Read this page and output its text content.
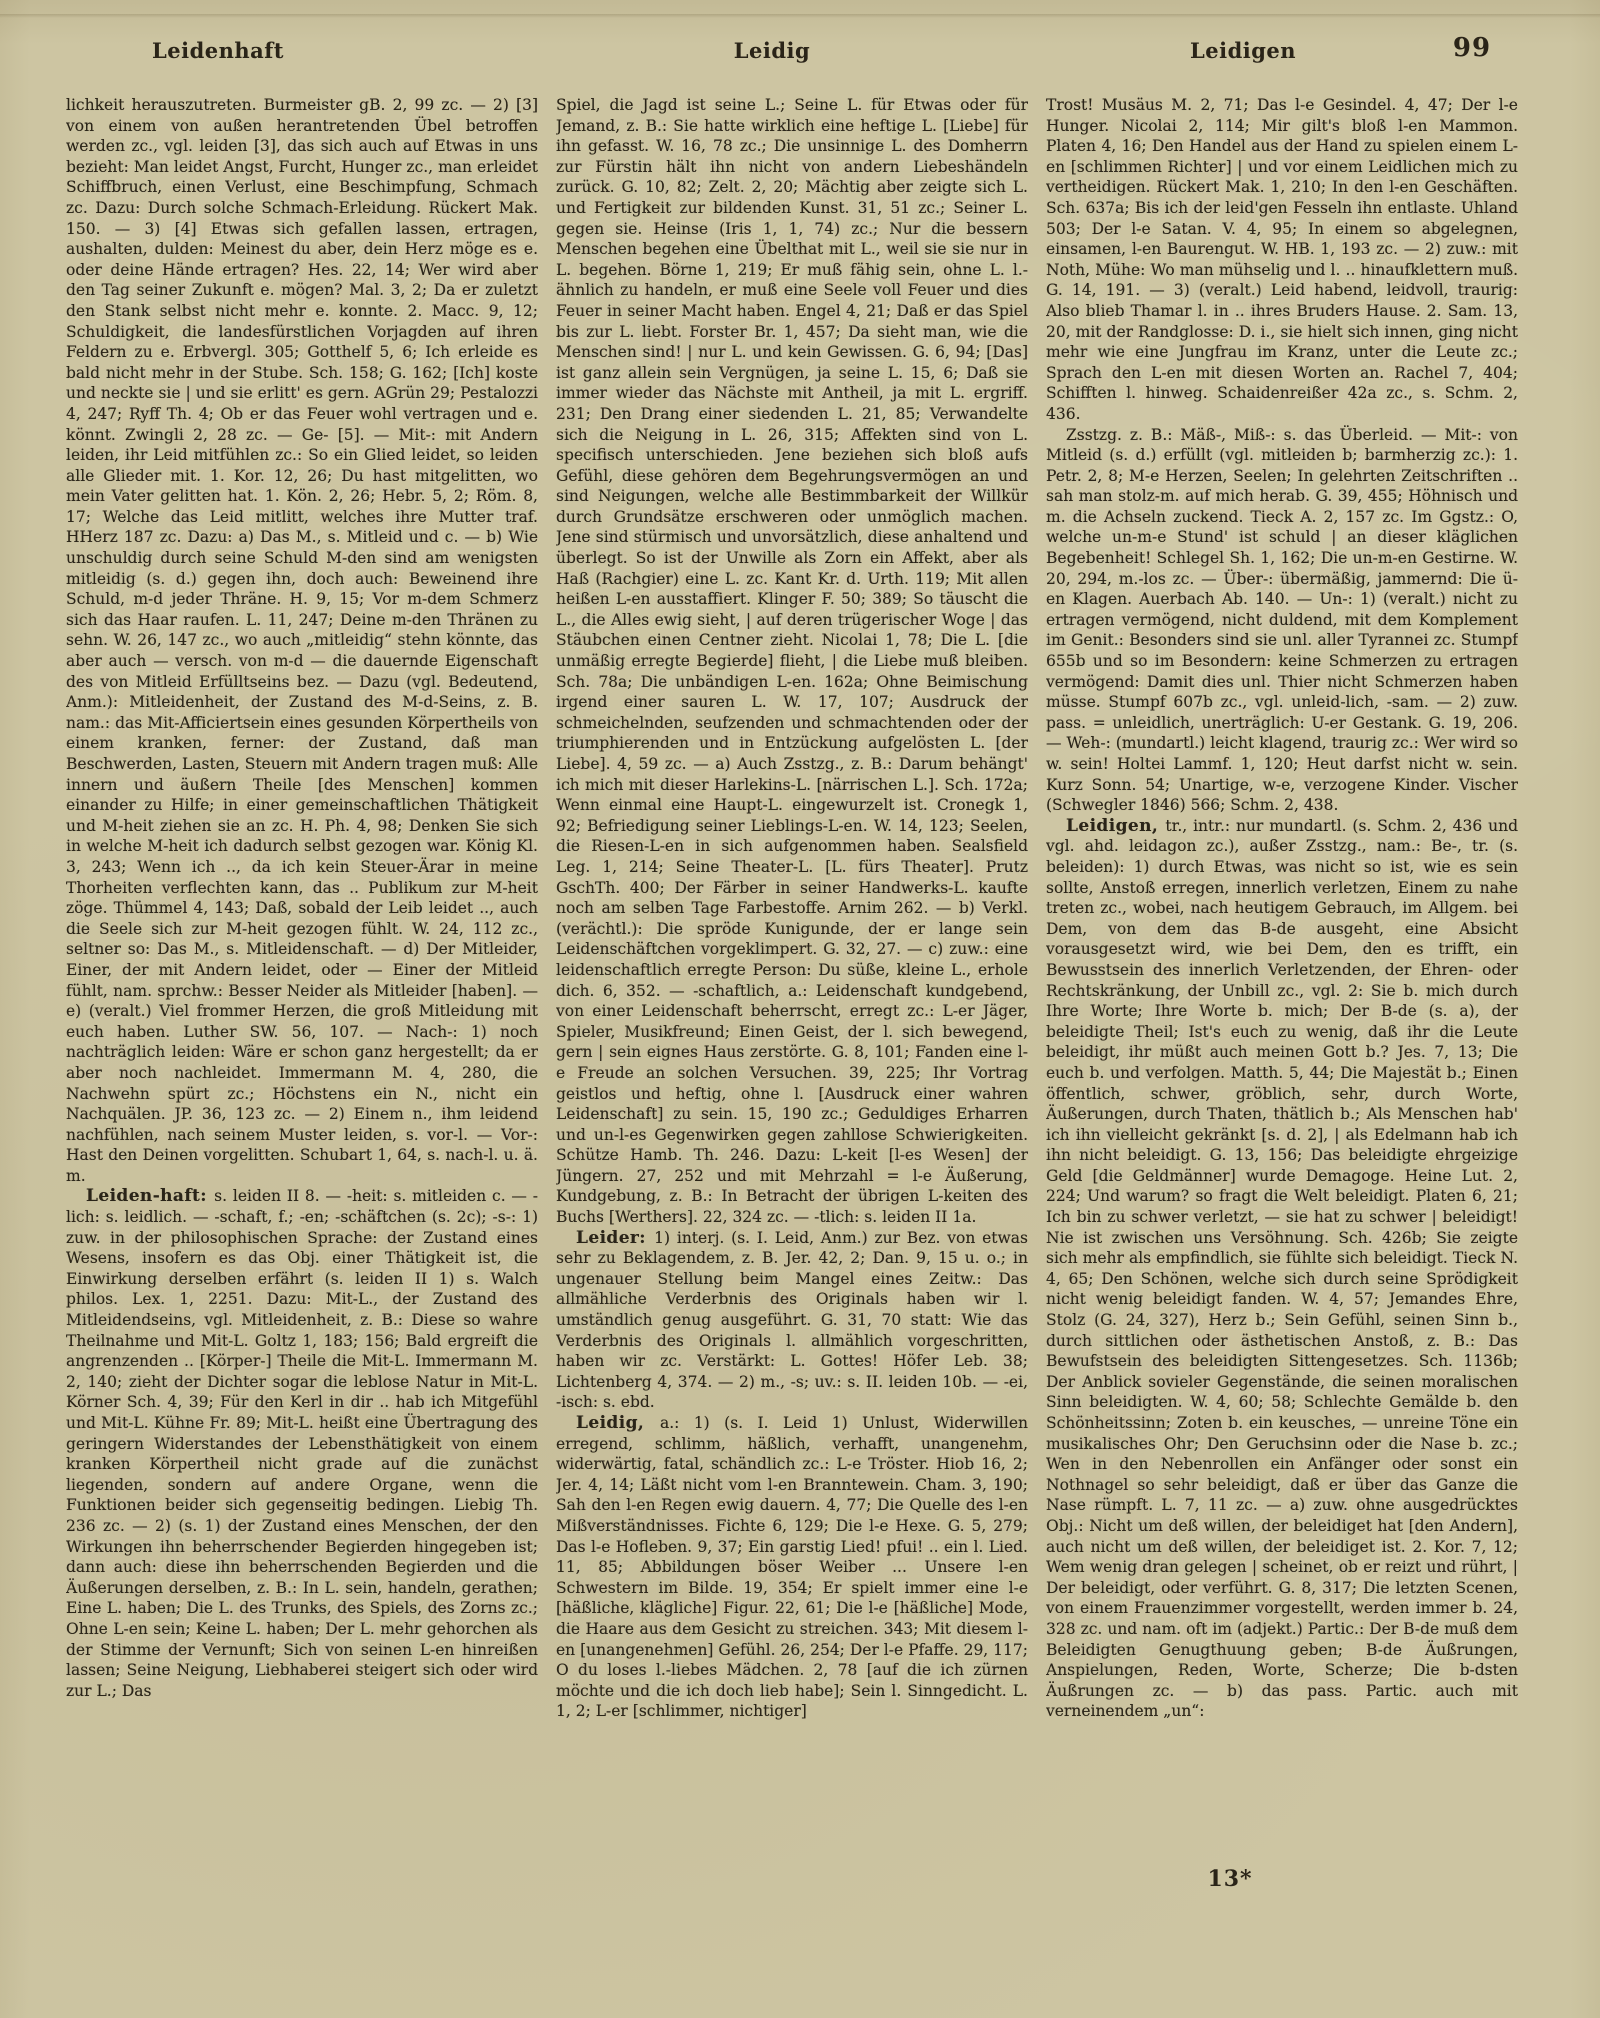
Leidenhaft	Leidig	Leidigen	99

lichkeit herauszutreten. Burmeister gB. 2, 99 zc. — 2) [3] von einem von außen herantretenden Übel betroffen werden zc., vgl. leiden [3], das sich auch auf Etwas in uns bezieht: Man leidet Angst, Furcht, Hunger zc., man erleidet Schiffbruch, einen Verlust, eine Beschimpfung, Schmach zc. Dazu: Durch solche Schmach-Erleidung. Rückert Mak. 150. — 3) [4] Etwas sich gefallen lassen, ertragen, aushalten, dulden: Meinest du aber, dein Herz möge es e. oder deine Hände ertragen? Hes. 22, 14; Wer wird aber den Tag seiner Zukunft e. mögen? Mal. 3, 2; Da er zuletzt den Stank selbst nicht mehr e. konnte. 2. Macc. 9, 12; Schuldigkeit, die landesfürstlichen Vorjagden auf ihren Feldern zu e. Erbvergl. 305; Gotthelf 5, 6; Ich erleide es bald nicht mehr in der Stube. Sch. 158; G. 162; [Ich] koste und neckte sie | und sie erlitt' es gern. AGrün 29; Pestalozzi 4, 247; Ryff Th. 4; Ob er das Feuer wohl vertragen und e. könnt. Zwingli 2, 28 zc. — Ge- [5]. — Mit-: mit Andern leiden, ihr Leid mitfühlen zc.: So ein Glied leidet, so leiden alle Glieder mit. 1. Kor. 12, 26; Du hast mitgelitten, wo mein Vater gelitten hat. 1. Kön. 2, 26; Hebr. 5, 2; Röm. 8, 17; Welche das Leid mitlitt, welches ihre Mutter traf. HHerz 187 zc. Dazu: a) Das M., s. Mitleid und c. — b) Wie unschuldig durch seine Schuld M-den sind am wenigsten mitleidig (s. d.) gegen ihn, doch auch: Beweinend ihre Schuld, m-d jeder Thräne. H. 9, 15; Vor m-dem Schmerz sich das Haar raufen. L. 11, 247; Deine m-den Thränen zu sehn. W. 26, 147 zc., wo auch „mitleidig“ stehn könnte, das aber auch — versch. von m-d — die dauernde Eigenschaft des von Mitleid Erfülltseins bez. — Dazu (vgl. Bedeutend, Anm.): Mitleidenheit, der Zustand des M-d-Seins, z. B. nam.: das Mit-Afficiertsein eines gesunden Körpertheils von einem kranken, ferner: der Zustand, daß man Beschwerden, Lasten, Steuern mit Andern tragen muß: Alle innern und äußern Theile [des Menschen] kommen einander zu Hilfe; in einer gemeinschaftlichen Thätigkeit und M-heit ziehen sie an zc. H. Ph. 4, 98; Denken Sie sich in welche M-heit ich dadurch selbst gezogen war. König Kl. 3, 243; Wenn ich .., da ich kein Steuer-Ärar in meine Thorheiten verflechten kann, das .. Publikum zur M-heit zöge. Thümmel 4, 143; Daß, sobald der Leib leidet .., auch die Seele sich zur M-heit gezogen fühlt. W. 24, 112 zc., seltner so: Das M., s. Mitleidenschaft. — d) Der Mitleider, Einer, der mit Andern leidet, oder — Einer der Mitleid fühlt, nam. sprchw.: Besser Neider als Mitleider [haben]. — e) (veralt.) Viel frommer Herzen, die groß Mitleidung mit euch haben. Luther SW. 56, 107. — Nach-: 1) noch nachträglich leiden: Wäre er schon ganz hergestellt; da er aber noch nachleidet. Immermann M. 4, 280, die Nachwehn spürt zc.; Höchstens ein N., nicht ein Nachquälen. JP. 36, 123 zc. — 2) Einem n., ihm leidend nachfühlen, nach seinem Muster leiden, s. vor-l. — Vor-: Hast den Deinen vorgelitten. Schubart 1, 64, s. nach-l. u. ä. m.

Leiden-haft: s. leiden II 8. — -heit: s. mitleiden c. — -lich: s. leidlich. — -schaft, f.; -en; -schäftchen (s. 2c); -s-: 1) zuw. in der philosophischen Sprache: der Zustand eines Wesens, insofern es das Obj. einer Thätigkeit ist, die Einwirkung derselben erfährt (s. leiden II 1) s. Walch philos. Lex. 1, 2251. Dazu: Mit-L., der Zustand des Mitleidendseins, vgl. Mitleidenheit, z. B.: Diese so wahre Theilnahme und Mit-L. Goltz 1, 183; 156; Bald ergreift die angrenzenden .. [Körper-] Theile die Mit-L. Immermann M. 2, 140; zieht der Dichter sogar die leblose Natur in Mit-L. Körner Sch. 4, 39; Für den Kerl in dir .. hab ich Mitgefühl und Mit-L. Kühne Fr. 89; Mit-L. heißt eine Übertragung des geringern Widerstandes der Lebensthätigkeit von einem kranken Körpertheil nicht grade auf die zunächst liegenden, sondern auf andere Organe, wenn die Funktionen beider sich gegenseitig bedingen. Liebig Th. 236 zc. — 2) (s. 1) der Zustand eines Menschen, der den Wirkungen ihn beherrschender Begierden hingegeben ist; dann auch: diese ihn beherrschenden Begierden und die Äußerungen derselben, z. B.: In L. sein, handeln, gerathen; Eine L. haben; Die L. des Trunks, des Spiels, des Zorns zc.; Ohne L-en sein; Keine L. haben; Der L. mehr gehorchen als der Stimme der Vernunft; Sich von seinen L-en hinreißen lassen; Seine Neigung, Liebhaberei steigert sich oder wird zur L.; Das

Spiel, die Jagd ist seine L.; Seine L. für Etwas oder für Jemand, z. B.: Sie hatte wirklich eine heftige L. [Liebe] für ihn gefasst. W. 16, 78 zc.; Die unsinnige L. des Domherrn zur Fürstin hält ihn nicht von andern Liebeshändeln zurück. G. 10, 82; Zelt. 2, 20; Mächtig aber zeigte sich L. und Fertigkeit zur bildenden Kunst. 31, 51 zc.; Seiner L. gegen sie. Heinse (Iris 1, 1, 74) zc.; Nur die bessern Menschen begehen eine Übelthat mit L., weil sie sie nur in L. begehen. Börne 1, 219; Er muß fähig sein, ohne L. l.-ähnlich zu handeln, er muß eine Seele voll Feuer und dies Feuer in seiner Macht haben. Engel 4, 21; Daß er das Spiel bis zur L. liebt. Forster Br. 1, 457; Da sieht man, wie die Menschen sind! | nur L. und kein Gewissen. G. 6, 94; [Das] ist ganz allein sein Vergnügen, ja seine L. 15, 6; Daß sie immer wieder das Nächste mit Antheil, ja mit L. ergriff. 231; Den Drang einer siedenden L. 21, 85; Verwandelte sich die Neigung in L. 26, 315; Affekten sind von L. specifisch unterschieden. Jene beziehen sich bloß aufs Gefühl, diese gehören dem Begehrungsvermögen an und sind Neigungen, welche alle Bestimmbarkeit der Willkür durch Grundsätze erschweren oder unmöglich machen. Jene sind stürmisch und unvorsätzlich, diese anhaltend und überlegt. So ist der Unwille als Zorn ein Affekt, aber als Haß (Rachgier) eine L. zc. Kant Kr. d. Urth. 119; Mit allen heißen L-en ausstaffiert. Klinger F. 50; 389; So täuscht die L., die Alles ewig sieht, | auf deren trügerischer Woge | das Stäubchen einen Centner zieht. Nicolai 1, 78; Die L. [die unmäßig erregte Begierde] flieht, | die Liebe muß bleiben. Sch. 78a; Die unbändigen L-en. 162a; Ohne Beimischung irgend einer sauren L. W. 17, 107; Ausdruck der schmeichelnden, seufzenden und schmachtenden oder der triumphierenden und in Entzückung aufgelösten L. [der Liebe]. 4, 59 zc. — a) Auch Zsstzg., z. B.: Darum behängt' ich mich mit dieser Harlekins-L. [närrischen L.]. Sch. 172a; Wenn einmal eine Haupt-L. eingewurzelt ist. Cronegk 1, 92; Befriedigung seiner Lieblings-L-en. W. 14, 123; Seelen, die Riesen-L-en in sich aufgenommen haben. Sealsfield Leg. 1, 214; Seine Theater-L. [L. fürs Theater]. Prutz GschTh. 400; Der Färber in seiner Handwerks-L. kaufte noch am selben Tage Farbestoffe. Arnim 262. — b) Verkl. (verächtl.): Die spröde Kunigunde, der er lange sein Leidenschäftchen vorgeklimpert. G. 32, 27. — c) zuw.: eine leidenschaftlich erregte Person: Du süße, kleine L., erhole dich. 6, 352. — -schaftlich, a.: Leidenschaft kundgebend, von einer Leidenschaft beherrscht, erregt zc.: L-er Jäger, Spieler, Musikfreund; Einen Geist, der l. sich bewegend, gern | sein eignes Haus zerstörte. G. 8, 101; Fanden eine l-e Freude an solchen Versuchen. 39, 225; Ihr Vortrag geistlos und heftig, ohne l. [Ausdruck einer wahren Leidenschaft] zu sein. 15, 190 zc.; Geduldiges Erharren und un-l-es Gegenwirken gegen zahllose Schwierigkeiten. Schütze Hamb. Th. 246. Dazu: L-keit [l-es Wesen] der Jüngern. 27, 252 und mit Mehrzahl = l-e Äußerung, Kundgebung, z. B.: In Betracht der übrigen L-keiten des Buchs [Werthers]. 22, 324 zc. — -tlich: s. leiden II 1a.

Leider: 1) interj. (s. I. Leid, Anm.) zur Bez. von etwas sehr zu Beklagendem, z. B. Jer. 42, 2; Dan. 9, 15 u. o.; in ungenauer Stellung beim Mangel eines Zeitw.: Das allmähliche Verderbnis des Originals haben wir l. umständlich genug ausgeführt. G. 31, 70 statt: Wie das Verderbnis des Originals l. allmählich vorgeschritten, haben wir zc. Verstärkt: L. Gottes! Höfer Leb. 38; Lichtenberg 4, 374. — 2) m., -s; uv.: s. II. leiden 10b. — -ei, -isch: s. ebd.

Leidig, a.: 1) (s. I. Leid 1) Unlust, Widerwillen erregend, schlimm, häßlich, verhafft, unangenehm, widerwärtig, fatal, schändlich zc.: L-e Tröster. Hiob 16, 2; Jer. 4, 14; Läßt nicht vom l-en Branntewein. Cham. 3, 190; Sah den l-en Regen ewig dauern. 4, 77; Die Quelle des l-en Mißverständnisses. Fichte 6, 129; Die l-e Hexe. G. 5, 279; Das l-e Hofleben. 9, 37; Ein garstig Lied! pfui! .. ein l. Lied. 11, 85; Abbildungen böser Weiber ... Unsere l-en Schwestern im Bilde. 19, 354; Er spielt immer eine l-e [häßliche, klägliche] Figur. 22, 61; Die l-e [häßliche] Mode, die Haare aus dem Gesicht zu streichen. 343; Mit diesem l-en [unangenehmen] Gefühl. 26, 254; Der l-e Pfaffe. 29, 117; O du loses l.-liebes Mädchen. 2, 78 [auf die ich zürnen möchte und die ich doch lieb habe]; Sein l. Sinngedicht. L. 1, 2; L-er [schlimmer, nichtiger]

Trost! Musäus M. 2, 71; Das l-e Gesindel. 4, 47; Der l-e Hunger. Nicolai 2, 114; Mir gilt's bloß l-en Mammon. Platen 4, 16; Den Handel aus der Hand zu spielen einem L-en [schlimmen Richter] | und vor einem Leidlichen mich zu vertheidigen. Rückert Mak. 1, 210; In den l-en Geschäften. Sch. 637a; Bis ich der leid'gen Fesseln ihn entlaste. Uhland 503; Der l-e Satan. V. 4, 95; In einem so abgelegnen, einsamen, l-en Baurengut. W. HB. 1, 193 zc. — 2) zuw.: mit Noth, Mühe: Wo man mühselig und l. .. hinaufklettern muß. G. 14, 191. — 3) (veralt.) Leid habend, leidvoll, traurig: Also blieb Thamar l. in .. ihres Bruders Hause. 2. Sam. 13, 20, mit der Randglosse: D. i., sie hielt sich innen, ging nicht mehr wie eine Jungfrau im Kranz, unter die Leute zc.; Sprach den L-en mit diesen Worten an. Rachel 7, 404; Schifften l. hinweg. Schaidenreißer 42a zc., s. Schm. 2, 436.

Zsstzg. z. B.: Mäß-, Miß-: s. das Überleid. — Mit-: von Mitleid (s. d.) erfüllt (vgl. mitleiden b; barmherzig zc.): 1. Petr. 2, 8; M-e Herzen, Seelen; In gelehrten Zeitschriften .. sah man stolz-m. auf mich herab. G. 39, 455; Höhnisch und m. die Achseln zuckend. Tieck A. 2, 157 zc. Im Ggstz.: O, welche un-m-e Stund' ist schuld | an dieser kläglichen Begebenheit! Schlegel Sh. 1, 162; Die un-m-en Gestirne. W. 20, 294, m.-los zc. — Über-: übermäßig, jammernd: Die ü-en Klagen. Auerbach Ab. 140. — Un-: 1) (veralt.) nicht zu ertragen vermögend, nicht duldend, mit dem Komplement im Genit.: Besonders sind sie unl. aller Tyrannei zc. Stumpf 655b und so im Besondern: keine Schmerzen zu ertragen vermögend: Damit dies unl. Thier nicht Schmerzen haben müsse. Stumpf 607b zc., vgl. unleid-lich, -sam. — 2) zuw. pass. = unleidlich, unerträglich: U-er Gestank. G. 19, 206. — Weh-: (mundartl.) leicht klagend, traurig zc.: Wer wird so w. sein! Holtei Lammf. 1, 120; Heut darfst nicht w. sein. Kurz Sonn. 54; Unartige, w-e, verzogene Kinder. Vischer (Schwegler 1846) 566; Schm. 2, 438.

Leidigen, tr., intr.: nur mundartl. (s. Schm. 2, 436 und vgl. ahd. leidagon zc.), außer Zsstzg., nam.: Be-, tr. (s. beleiden): 1) durch Etwas, was nicht so ist, wie es sein sollte, Anstoß erregen, innerlich verletzen, Einem zu nahe treten zc., wobei, nach heutigem Gebrauch, im Allgem. bei Dem, von dem das B-de ausgeht, eine Absicht vorausgesetzt wird, wie bei Dem, den es trifft, ein Bewusstsein des innerlich Verletzenden, der Ehren- oder Rechtskränkung, der Unbill zc., vgl. 2: Sie b. mich durch Ihre Worte; Ihre Worte b. mich; Der B-de (s. a), der beleidigte Theil; Ist's euch zu wenig, daß ihr die Leute beleidigt, ihr müßt auch meinen Gott b.? Jes. 7, 13; Die euch b. und verfolgen. Matth. 5, 44; Die Majestät b.; Einen öffentlich, schwer, gröblich, sehr, durch Worte, Äußerungen, durch Thaten, thätlich b.; Als Menschen hab' ich ihn vielleicht gekränkt [s. d. 2], | als Edelmann hab ich ihn nicht beleidigt. G. 13, 156; Das beleidigte ehrgeizige Geld [die Geldmänner] wurde Demagoge. Heine Lut. 2, 224; Und warum? so fragt die Welt beleidigt. Platen 6, 21; Ich bin zu schwer verletzt, — sie hat zu schwer | beleidigt! Nie ist zwischen uns Versöhnung. Sch. 426b; Sie zeigte sich mehr als empfindlich, sie fühlte sich beleidigt. Tieck N. 4, 65; Den Schönen, welche sich durch seine Sprödigkeit nicht wenig beleidigt fanden. W. 4, 57; Jemandes Ehre, Stolz (G. 24, 327), Herz b.; Sein Gefühl, seinen Sinn b., durch sittlichen oder ästhetischen Anstoß, z. B.: Das Bewufstsein des beleidigten Sittengesetzes. Sch. 1136b; Der Anblick sovieler Gegenstände, die seinen moralischen Sinn beleidigten. W. 4, 60; 58; Schlechte Gemälde b. den Schönheitssinn; Zoten b. ein keusches, — unreine Töne ein musikalisches Ohr; Den Geruchsinn oder die Nase b. zc.; Wen in den Nebenrollen ein Anfänger oder sonst ein Nothnagel so sehr beleidigt, daß er über das Ganze die Nase rümpft. L. 7, 11 zc. — a) zuw. ohne ausgedrücktes Obj.: Nicht um deß willen, der beleidiget hat [den Andern], auch nicht um deß willen, der beleidiget ist. 2. Kor. 7, 12; Wem wenig dran gelegen | scheinet, ob er reizt und rührt, | Der beleidigt, oder verführt. G. 8, 317; Die letzten Scenen, von einem Frauenzimmer vorgestellt, werden immer b. 24, 328 zc. und nam. oft im (adjekt.) Partic.: Der B-de muß dem Beleidigten Genugthuung geben; B-de Äußrungen, Anspielungen, Reden, Worte, Scherze; Die b-dsten Äußrungen zc. — b) das pass. Partic. auch mit verneinendem „un“:

13*
